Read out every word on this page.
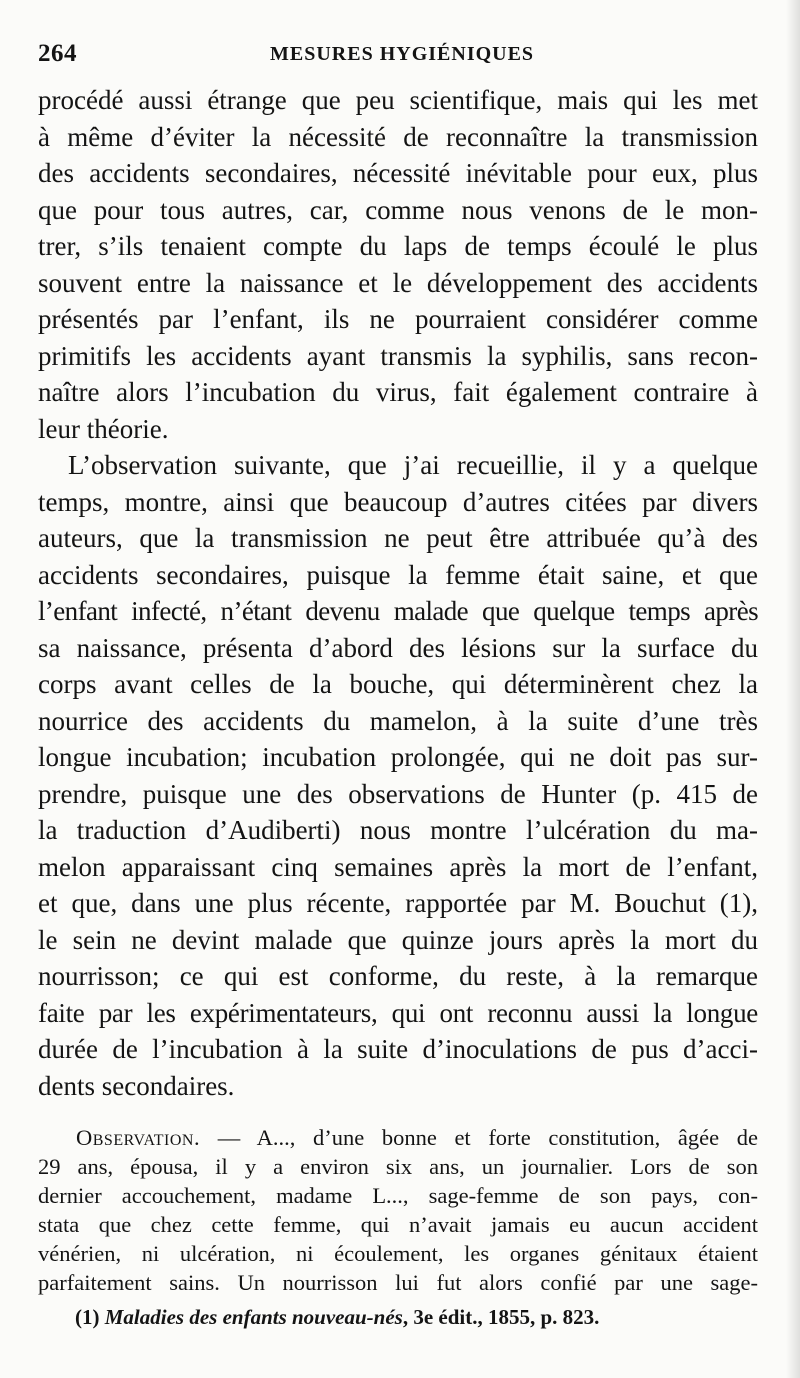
264	MESURES HYGIÉNIQUES
procédé aussi étrange que peu scientifique, mais qui les met
à même d’éviter la nécessité de reconnaître la transmission
des accidents secondaires, nécessité inévitable pour eux, plus
que pour tous autres, car, comme nous venons de le mon-
trer, s’ils tenaient compte du laps de temps écoulé le plus
souvent entre la naissance et le développement des accidents
présentés par l’enfant, ils ne pourraient considérer comme
primitifs les accidents ayant transmis la syphilis, sans recon-
naître alors l’incubation du virus, fait également contraire à
leur théorie.
L’observation suivante, que j’ai recueillie, il y a quelque
temps, montre, ainsi que beaucoup d’autres citées par divers
auteurs, que la transmission ne peut être attribuée qu’à des
accidents secondaires, puisque la femme était saine, et que
l’enfant infecté, n’étant devenu malade que quelque temps après
sa naissance, présenta d’abord des lésions sur la surface du
corps avant celles de la bouche, qui déterminèrent chez la
nourrice des accidents du mamelon, à la suite d’une très
longue incubation; incubation prolongée, qui ne doit pas sur-
prendre, puisque une des observations de Hunter (p. 415 de
la traduction d’Audiberti) nous montre l’ulcération du ma-
melon apparaissant cinq semaines après la mort de l’enfant,
et que, dans une plus récente, rapportée par M. Bouchut (1),
le sein ne devint malade que quinze jours après la mort du
nourrisson; ce qui est conforme, du reste, à la remarque
faite par les expérimentateurs, qui ont reconnu aussi la longue
durée de l’incubation à la suite d’inoculations de pus d’acci-
dents secondaires.
Observation. — A..., d’une bonne et forte constitution, âgée de
29 ans, épousa, il y a environ six ans, un journalier. Lors de son
dernier accouchement, madame L..., sage-femme de son pays, con-
stata que chez cette femme, qui n’avait jamais eu aucun accident
vénérien, ni ulcération, ni écoulement, les organes génitaux étaient
parfaitement sains. Un nourrisson lui fut alors confié par une sage-
(1) Maladies des enfants nouveau-nés, 3e édit., 1855, p. 823.
